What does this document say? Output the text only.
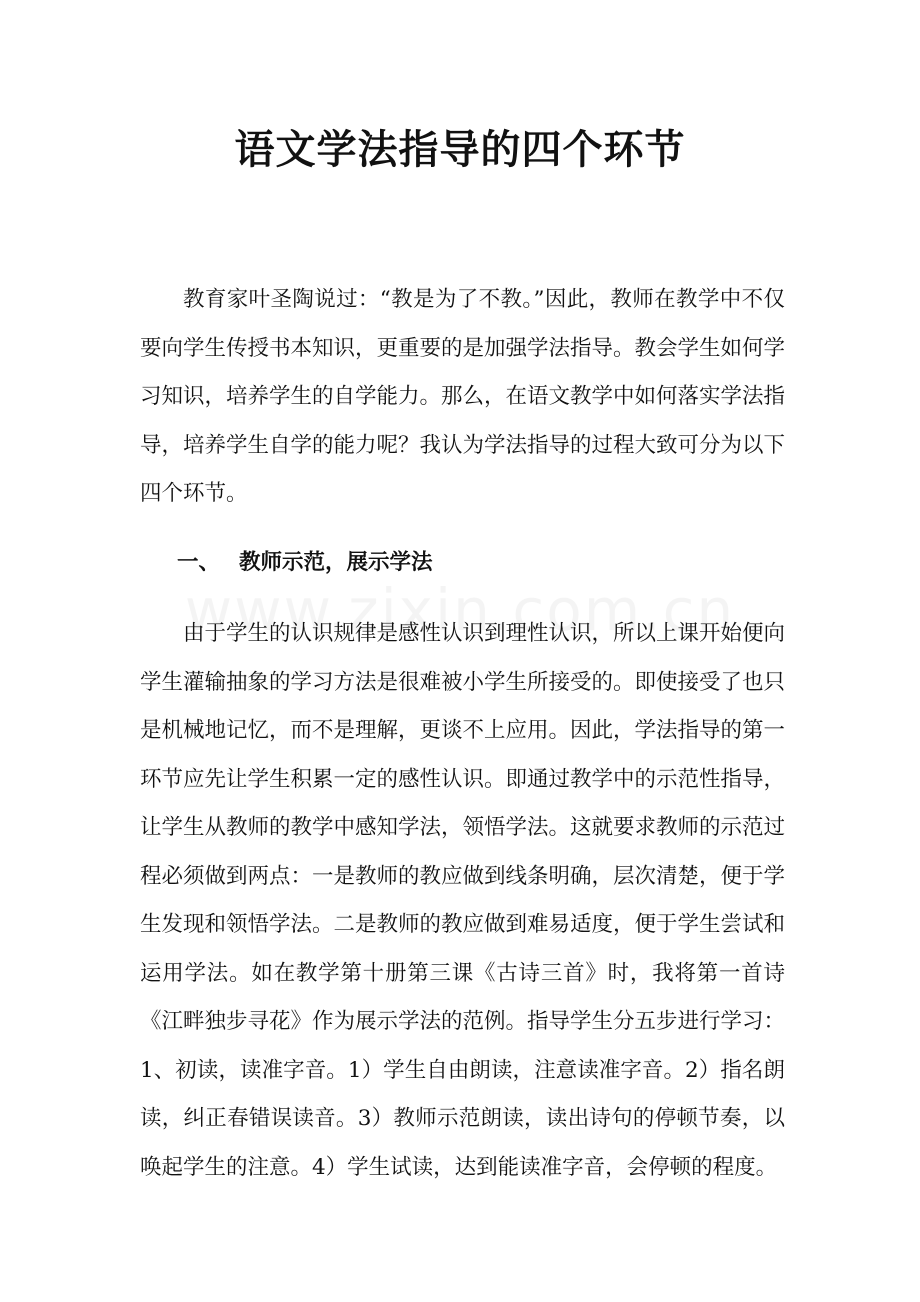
语文学法指导的四个环节

教育家叶圣陶说过：“教是为了不教。”因此，教师在教学中不仅要向学生传授书本知识，更重要的是加强学法指导。教会学生如何学习知识，培养学生的自学能力。那么，在语文教学中如何落实学法指导，培养学生自学的能力呢？我认为学法指导的过程大致可分为以下四个环节。

一、 教师示范，展示学法

由于学生的认识规律是感性认识到理性认识，所以上课开始便向学生灌输抽象的学习方法是很难被小学生所接受的。即使接受了也只是机械地记忆，而不是理解，更谈不上应用。因此，学法指导的第一环节应先让学生积累一定的感性认识。即通过教学中的示范性指导，让学生从教师的教学中感知学法，领悟学法。这就要求教师的示范过程必须做到两点：一是教师的教应做到线条明确，层次清楚，便于学生发现和领悟学法。二是教师的教应做到难易适度，便于学生尝试和运用学法。如在教学第十册第三课《古诗三首》时，我将第一首诗《江畔独步寻花》作为展示学法的范例。指导学生分五步进行学习：1、初读，读准字音。1）学生自由朗读，注意读准字音。2）指名朗读，纠正春错误读音。3）教师示范朗读，读出诗句的停顿节奏，以唤起学生的注意。4）学生试读，达到能读准字音，会停顿的程度。
